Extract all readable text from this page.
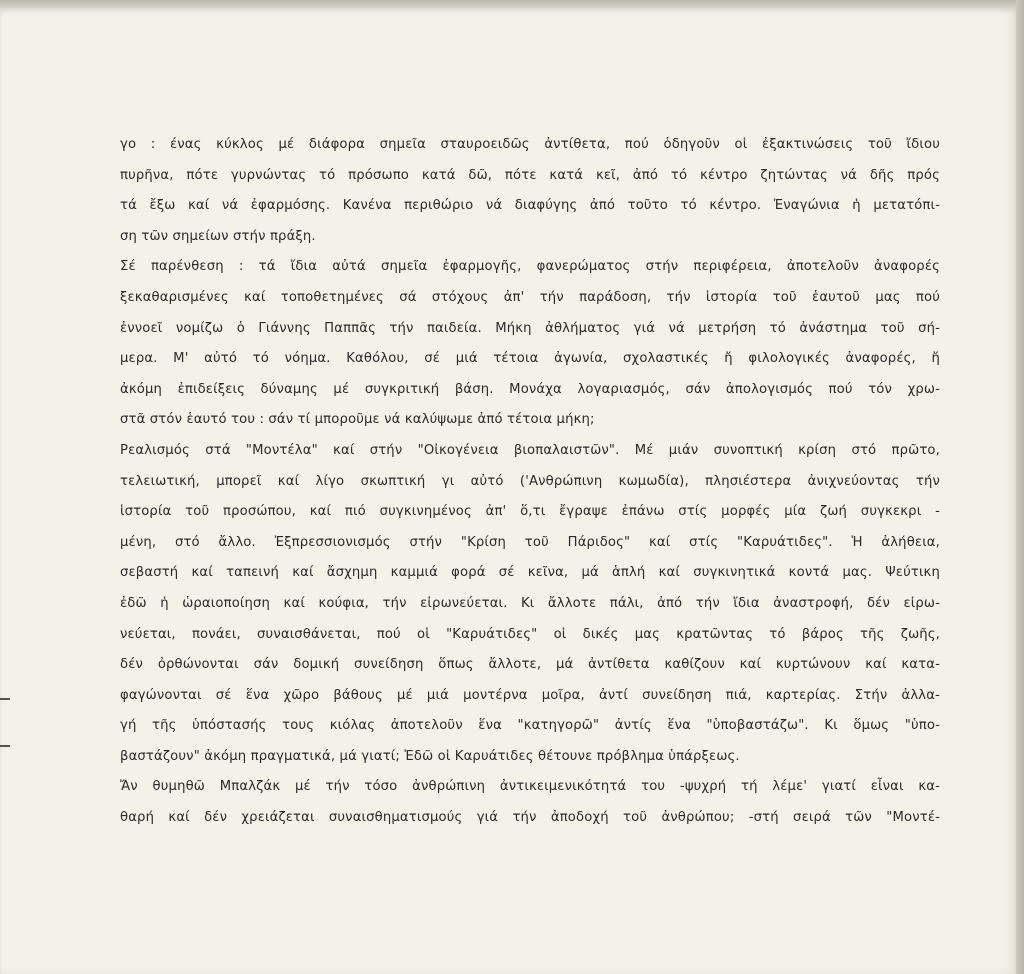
γο : ένας κύκλος μέ διάφορα σημεῖα σταυροειδῶς ἀντίθετα, πού ὁδηγοῦν οἱ ἐξακτινώσεις τοῦ ἴδιου
πυρῆνα, πότε γυρνώντας τό πρόσωπο κατά δῶ, πότε κατά κεῖ, ἀπό τό κέντρο ζητώντας νά δῆς πρός
τά ἔξω καί νά ἐφαρμόσης. Κανένα περιθώριο νά διαφύγης ἀπό τοῦτο τό κέντρο. Ἐναγώνια ἡ μετατόπι-
ση τῶν σημείων στήν πράξη.
Σέ παρένθεση : τά ἴδια αὐτά σημεῖα ἐφαρμογῆς, φανερώματος στήν περιφέρεια, ἀποτελοῦν ἀναφορές
ξεκαθαρισμένες καί τοποθετημένες σά στόχους ἀπ' τήν παράδοση, τήν ἱστορία τοῦ ἑαυτοῦ μας πού
ἐννοεῖ νομίζω ὁ Γιάννης Παππᾶς τήν παιδεία. Μήκη ἀθλήματος γιά νά μετρήση τό ἀνάστημα τοῦ σή-
μερα. Μ' αὐτό τό νόημα. Καθόλου, σέ μιά τέτοια ἀγωνία, σχολαστικές ἤ φιλολογικές ἀναφορές, ἤ
ἀκόμη ἐπιδείξεις δύναμης μέ συγκριτική βάση. Μονάχα λογαριασμός, σάν ἀπολογισμός πού τόν χρω-
στᾶ στόν ἑαυτό του : σάν τί μποροῦμε νά καλύψωμε ἀπό τέτοια μήκη;
Ρεαλισμός στά "Μοντέλα" καί στήν "Οἰκογένεια βιοπαλαιστῶν". Μέ μιάν συνοπτική κρίση στό πρῶτο,
τελειωτική, μπορεῖ καί λίγο σκωπτική γι αὐτό ('Ανθρώπινη κωμωδία), πλησιέστερα ἀνιχνεύοντας τήν
ἱστορία τοῦ προσώπου, καί πιό συγκινημένος ἀπ' ὅ,τι ἔγραψε ἐπάνω στίς μορφές μία ζωή συγκεκρι -
μένη, στό ἄλλο. Ἐξπρεσσιονισμός στήν "Κρίση τοῦ Πάριδος" καί στίς "Καρυάτιδες". Ἡ ἀλήθεια,
σεβαστή καί ταπεινή καί ἄσχημη καμμιά φορά σέ κεῖνα, μά ἁπλή καί συγκινητικά κοντά μας. Ψεύτικη
ἐδῶ ἡ ὡραιοποίηση καί κούφια, τήν εἰρωνεύεται. Κι ἄλλοτε πάλι, ἀπό τήν ἴδια ἀναστροφή, δέν εἰρω-
νεύεται, πονάει, συναισθάνεται, πού οἱ "Καρυάτιδες" οἱ δικές μας κρατῶντας τό βάρος τῆς ζωῆς,
δέν ὀρθώνονται σάν δομική συνείδηση ὅπως ἄλλοτε, μά ἀντίθετα καθίζουν καί κυρτώνουν καί κατα-
φαγώνονται σέ ἕνα χῶρο βάθους μέ μιά μοντέρνα μοῖρα, ἀντί συνείδηση πιά, καρτερίας. Στήν ἀλλα-
γή τῆς ὑπόστασής τους κιόλας ἀποτελοῦν ἕνα "κατηγορῶ" ἀντίς ἕνα "ὑποβαστάζω". Κι ὅμως "ὑπο-
βαστάζουν" ἀκόμη πραγματικά, μά γιατί; Ἐδῶ οἱ Καρυάτιδες θέτουνε πρόβλημα ὑπάρξεως.
Ἄν θυμηθῶ Μπαλζάκ μέ τήν τόσο ἀνθρώπινη ἀντικειμενικότητά του -ψυχρή τή λέμε' γιατί εἶναι κα-
θαρή καί δέν χρειάζεται συναισθηματισμούς γιά τήν ἀποδοχή τοῦ ἀνθρώπου; -στή σειρά τῶν "Μοντέ-
